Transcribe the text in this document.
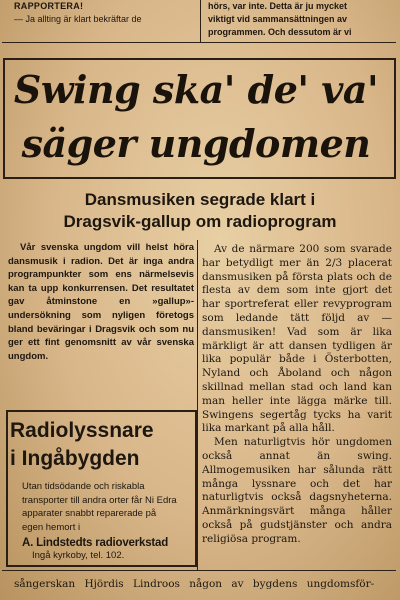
RAPPORTERA!
— Ja allting är klart bekräftar de
hörs, var inte. Detta är ju mycket
viktigt vid sammansättningen av
programmen. Och dessutom är vi
Swing ska' de' va'
säger ungdomen
Dansmusiken segrade klart i
Dragsvik-gallup om radioprogram
Vår svenska ungdom vill helst höra dansmusik i radion. Det är inga andra programpunkter som ens närmelsevis kan ta upp konkurrensen. Det resultatet gav åtminstone en »gallup»-undersökning som nyligen företogs bland beväringar i Dragsvik och som nu ger ett fint genomsnitt av vår svenska ungdom.
Radiolyssnare
i Ingåbygden
Utan tidsödande och riskabla transporter till andra orter får Ni Edra apparater snabbt reparerade på egen hemort i
A. Lindstedts radioverkstad
Ingå kyrkoby, tel. 102.

Av de närmare 200 som svarade har betydligt mer än 2/3 placerat dansmusiken på första plats och de flesta av dem som inte gjort det har sportreferat eller revyprogram som ledande tätt följd av — dansmusiken! Vad som är lika märkligt är att dansen tydligen är lika populär både i Österbotten, Nyland och Åboland och någon skillnad mellan stad och land kan man heller inte lägga märke till. Swingens segertåg tycks ha varit lika markant på alla håll.

Men naturligtvis hör ungdomen också annat än swing. Allmogemusiken har sålunda rätt många lyssnare och det har naturligtvis också dagsnyheterna. Anmärkningsvärt många håller också på gudstjänster och andra religiösa program.

sångerskan Hjördis Lindroos någon av bygdens ungdomsför-
